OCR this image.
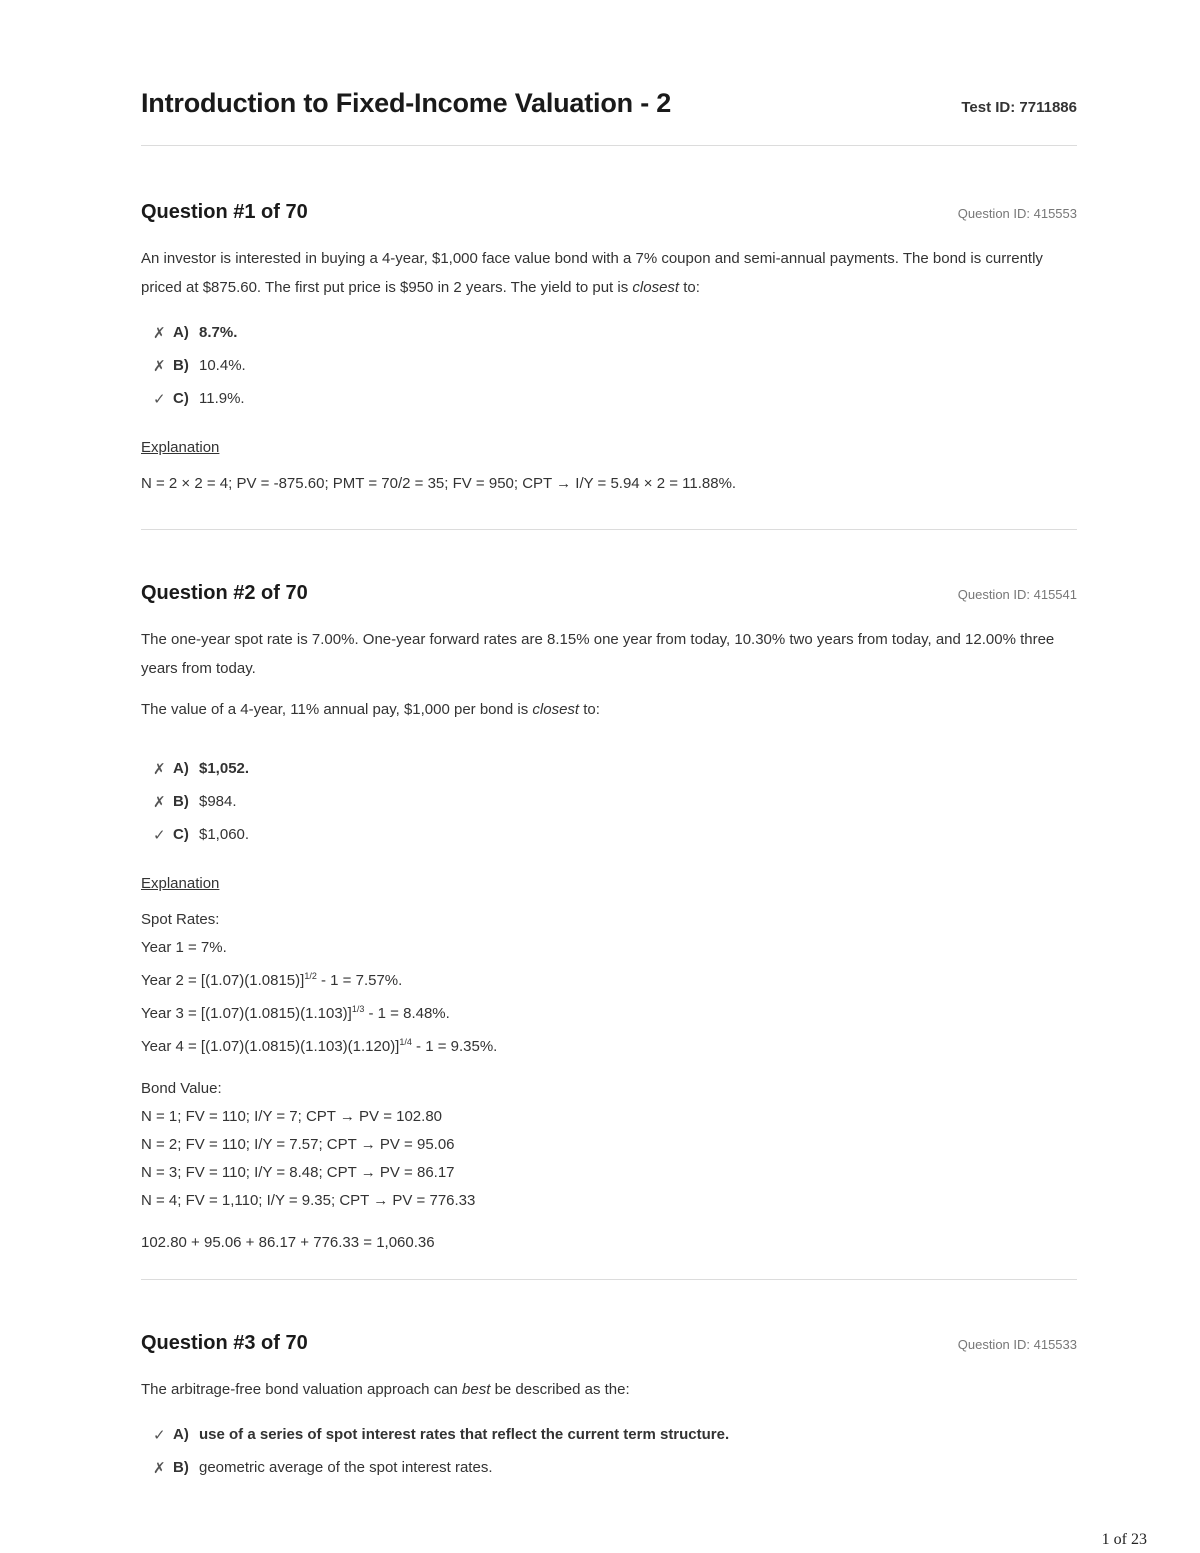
Introduction to Fixed-Income Valuation - 2	Test ID: 7711886
Question #1 of 70	Question ID: 415553

An investor is interested in buying a 4-year, $1,000 face value bond with a 7% coupon and semi-annual payments. The bond is currently priced at $875.60. The first put price is $950 in 2 years. The yield to put is closest to:

✗ A) 8.7%.
✗ B) 10.4%.
✓ C) 11.9%.

Explanation

N = 2 × 2 = 4; PV = -875.60; PMT = 70/2 = 35; FV = 950; CPT → I/Y = 5.94 × 2 = 11.88%.

Question #2 of 70	Question ID: 415541

The one-year spot rate is 7.00%. One-year forward rates are 8.15% one year from today, 10.30% two years from today, and 12.00% three years from today.

The value of a 4-year, 11% annual pay, $1,000 per bond is closest to:

✗ A) $1,052.
✗ B) $984.
✓ C) $1,060.

Explanation

Spot Rates:

Year 1 = 7%.

Year $2 = [(1.07)(1.0815)]^{1/2} - 1 = 7.57\%$.

Year $3 = [(1.07)(1.0815)(1.103)]^{1/3} - 1 = 8.48\%$.

Year $4 = [(1.07)(1.0815)(1.103)(1.120)]^{1/4} - 1 = 9.35\%$.

Bond Value:

N = 1; FV = 110; I/Y = 7; CPT → PV = 102.80

N = 2; FV = 110; I/Y = 7.57; CPT → PV = 95.06

N = 3; FV = 110; I/Y = 8.48; CPT → PV = 86.17

N = 4; FV = 1,110; I/Y = 9.35; CPT → PV = 776.33

102.80 + 95.06 + 86.17 + 776.33 = 1,060.36

Question #3 of 70	Question ID: 415533

The arbitrage-free bond valuation approach can best be described as the:

✓ A) use of a series of spot interest rates that reflect the current term structure.
✗ B) geometric average of the spot interest rates.
1 of 23
